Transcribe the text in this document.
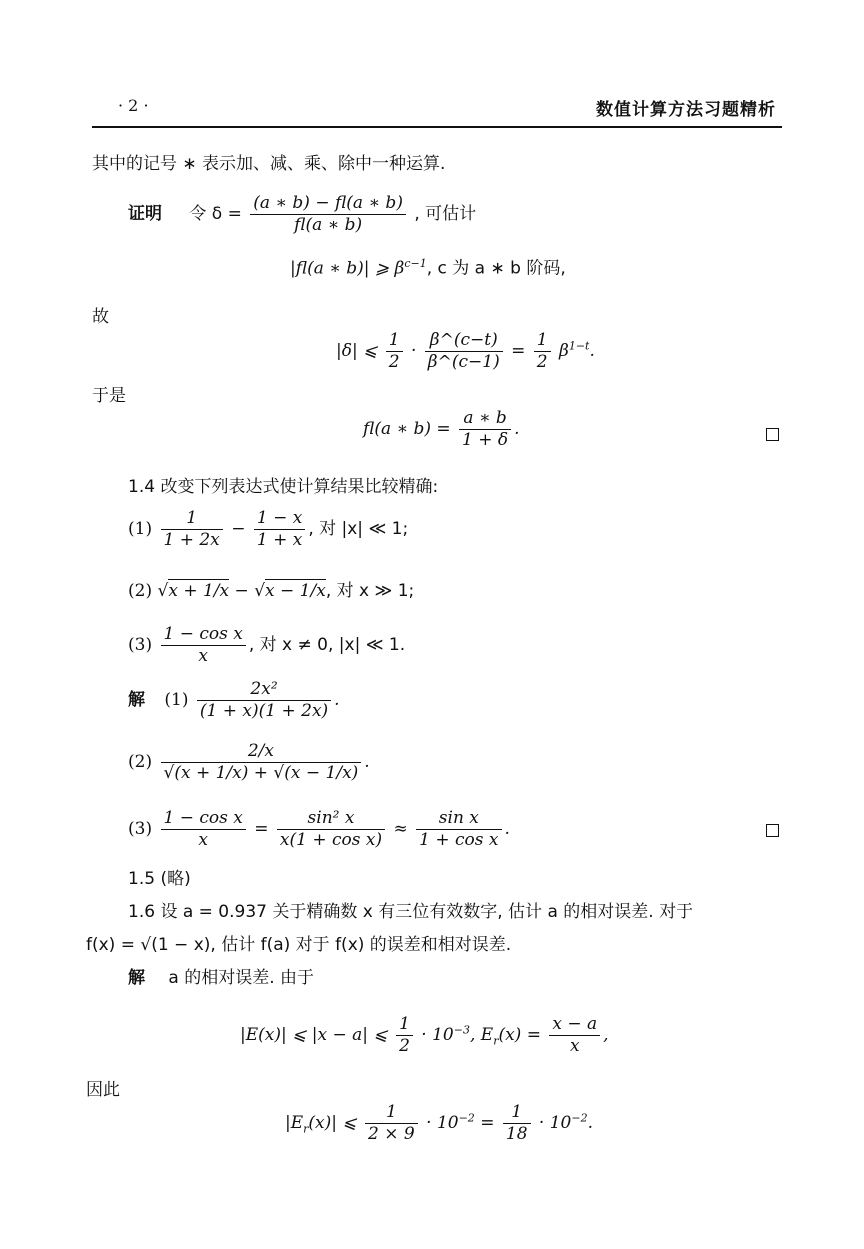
· 2 ·	数值计算方法习题精析
其中的记号 ∗ 表示加、减、乘、除中一种运算.
证明 令 $\delta = \frac{(a ∗ b) - fl(a ∗ b)}{fl(a ∗ b)}$ , 可估计
|fl(a ∗ b)| ⩾ $\beta^{c-1}$, c 为 a ∗ b 阶码,
故
|δ| ⩽ $\frac{1}{2} \cdot \frac{\beta\^{}(c-t)}{\beta\^{}(c-1)} = \frac{1}{2} \beta^{1-t}$.
于是
fl(a ∗ $b) = \frac{a ∗ b}{1 + \delta}$ .
1.4 改变下列表达式使计算结果比较精确:
$(1) \frac{1}{1 + 2x} - \frac{1 - x}{1 + x}$ , 对 |x| ≪ 1;
(2) √x + 1/x − √x − 1/x, 对 x ≫ 1;
$(3) \frac{\text{1 − cos x}}{x}$ , 对 x ≠ 0, |x| ≪ 1.
解 $(1) \frac{\text{2x²}}{(1 + x)(1 + 2x)}$ .
$(2) \frac{2/x}{√(x + 1/x) + √(x - 1/x)}$ .
$(3) \frac{\text{1 − cos x}}{x} = \frac{\text{sin² x}}{\text{x(1 + cos x)}} \approx \frac{\text{sin x}}{\text{1 + cos x}}$ .
1.5 (略)
1.6 设 a = 0.937 关于精确数 x 有三位有效数字, 估计 a 的相对误差. 对于
f(x) = √(1 − x), 估计 f(a) 对于 f(x) 的误差和相对误差.
解 a 的相对误差. 由于
|E(x)| ⩽ |x − a| ⩽ $\frac{1}{2} \cdot 10^{-3}$, $E_r(x) = \frac{x - a}{x}$ ,
因此
$|E_r(x)|$ ⩽ $\frac{1}{2 \times 9} \cdot 10^{-2} = \frac{1}{18} \cdot 10^{-2}$.
